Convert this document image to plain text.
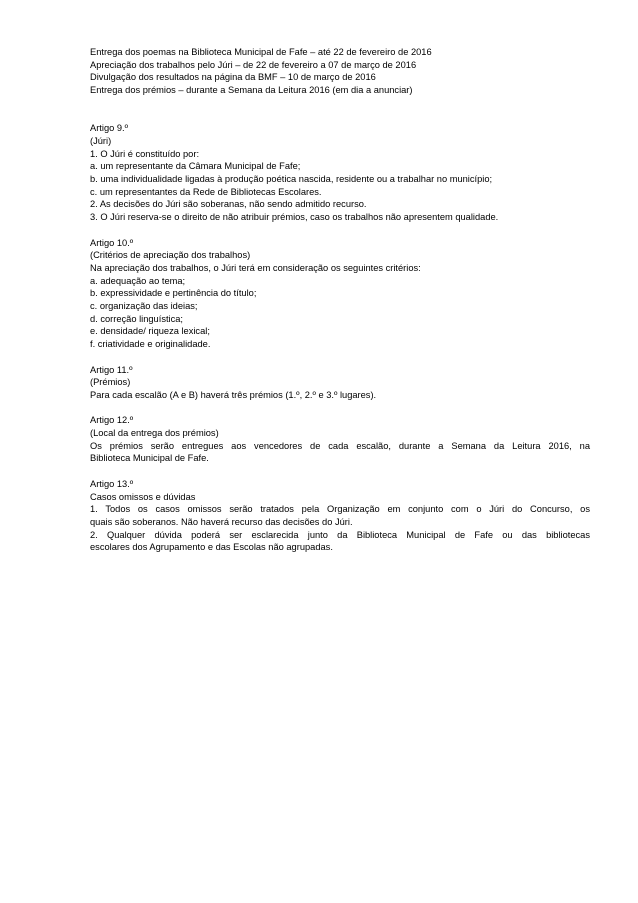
Entrega dos poemas na Biblioteca Municipal de Fafe – até 22 de fevereiro de 2016
Apreciação dos trabalhos pelo Júri – de 22 de fevereiro a 07 de março de 2016
Divulgação dos resultados na página da BMF – 10 de março de 2016
Entrega dos prémios – durante a Semana da Leitura 2016 (em dia a anunciar)
Artigo 9.º
(Júri)
1. O Júri é constituído por:
a. um representante da Câmara Municipal de Fafe;
b. uma individualidade ligadas à produção poética nascida, residente ou a trabalhar no município;
c. um representantes da Rede de Bibliotecas Escolares.
2. As decisões do Júri são soberanas, não sendo admitido recurso.
3. O Júri reserva-se o direito de não atribuir prémios, caso os trabalhos não apresentem qualidade.
Artigo 10.º
(Critérios de apreciação dos trabalhos)
Na apreciação dos trabalhos, o Júri terá em consideração os seguintes critérios:
a. adequação ao tema;
b. expressividade e pertinência do título;
c. organização das ideias;
d. correção linguística;
e. densidade/ riqueza lexical;
f. criatividade e originalidade.
Artigo 11.º
(Prémios)
Para cada escalão (A e B) haverá três prémios (1.º, 2.º e 3.º lugares).
Artigo 12.º
(Local da entrega dos prémios)
Os prémios serão entregues aos vencedores de cada escalão, durante a Semana da Leitura 2016, na
Biblioteca Municipal de Fafe.
Artigo 13.º
Casos omissos e dúvidas
1. Todos os casos omissos serão tratados pela Organização em conjunto com o Júri do Concurso, os
quais são soberanos. Não haverá recurso das decisões do Júri.
2. Qualquer dúvida poderá ser esclarecida junto da Biblioteca Municipal de Fafe ou das bibliotecas
escolares dos Agrupamento e das Escolas não agrupadas.
